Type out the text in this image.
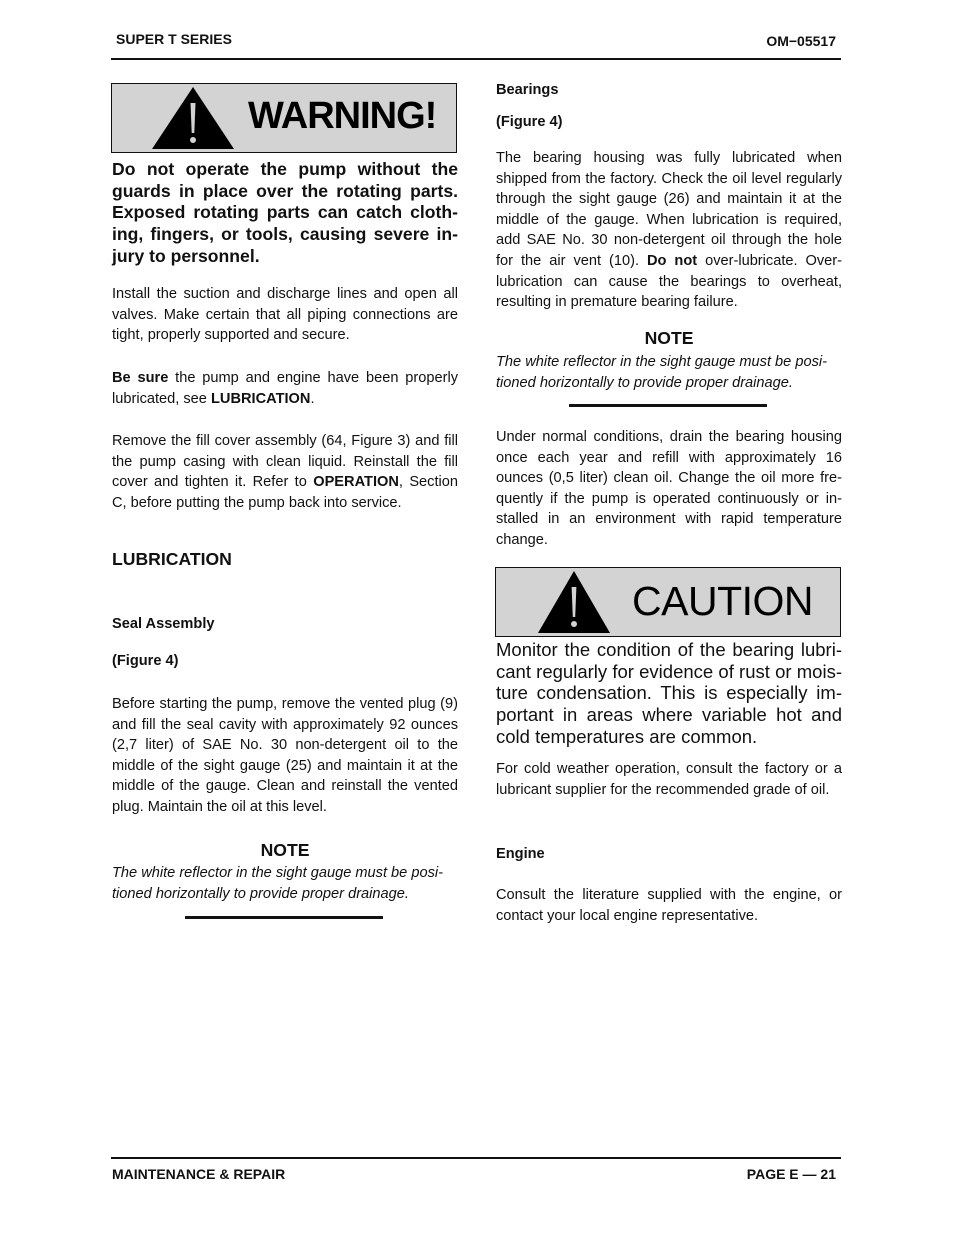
SUPER T SERIES	OM−05517
WARNING!
Do not operate the pump without the guards in place over the rotating parts. Exposed rotating parts can catch clothing, fingers, or tools, causing severe injury to personnel.

Install the suction and discharge lines and open all valves. Make certain that all piping connections are tight, properly supported and secure.

Be sure the pump and engine have been properly lubricated, see LUBRICATION.

Remove the fill cover assembly (64, Figure 3) and fill the pump casing with clean liquid. Reinstall the fill cover and tighten it. Refer to OPERATION, Section C, before putting the pump back into service.

LUBRICATION
Seal Assembly
(Figure 4)

Before starting the pump, remove the vented plug (9) and fill the seal cavity with approximately 92 ounces (2,7 liter) of SAE No. 30 non-detergent oil to the middle of the sight gauge (25) and maintain it at the middle of the gauge. Clean and reinstall the vented plug. Maintain the oil at this level.

NOTE
The white reflector in the sight gauge must be positioned horizontally to provide proper drainage.
Bearings
(Figure 4)

The bearing housing was fully lubricated when shipped from the factory. Check the oil level regularly through the sight gauge (26) and maintain it at the middle of the gauge. When lubrication is required, add SAE No. 30 non-detergent oil through the hole for the air vent (10). Do not over-lubricate. Over-lubrication can cause the bearings to overheat, resulting in premature bearing failure.

NOTE
The white reflector in the sight gauge must be positioned horizontally to provide proper drainage.

Under normal conditions, drain the bearing housing once each year and refill with approximately 16 ounces (0,5 liter) clean oil. Change the oil more frequently if the pump is operated continuously or installed in an environment with rapid temperature change.

CAUTION
Monitor the condition of the bearing lubricant regularly for evidence of rust or moisture condensation. This is especially important in areas where variable hot and cold temperatures are common.

For cold weather operation, consult the factory or a lubricant supplier for the recommended grade of oil.

Engine

Consult the literature supplied with the engine, or contact your local engine representative.

MAINTENANCE & REPAIR	PAGE E — 21
